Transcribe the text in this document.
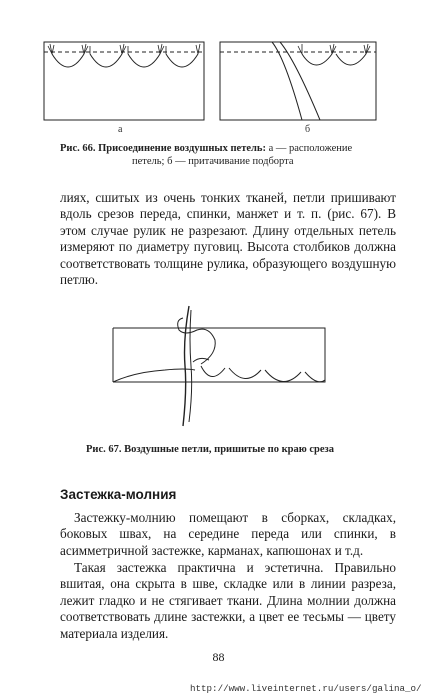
а	б
Рис. 66. Присоединение воздушных петель: а — расположение
петель; б — притачивание подборта

лиях, сшитых из очень тонких тканей, петли пришивают вдоль срезов переда, спинки, манжет и т. п. (рис. 67). В этом случае рулик не разрезают. Длину отдельных петель измеряют по диаметру пуговиц. Высота столбиков должна соответствовать толщине рулика, образующего воздушную петлю.

Рис. 67. Воздушные петли, пришитые по краю среза
Застежка-молния

Застежку-молнию помещают в сборках, складках, боковых швах, на середине переда или спинки, в асимметричной застежке, карманах, капюшонах и т.д.

Такая застежка практична и эстетична. Правильно вшитая, она скрыта в шве, складке или в линии разреза, лежит гладко и не стягивает ткани. Длина молнии должна соответствовать длине застежки, а цвет ее тесьмы — цвету материала изделия.

88
http://www.liveinternet.ru/users/galina_o/
